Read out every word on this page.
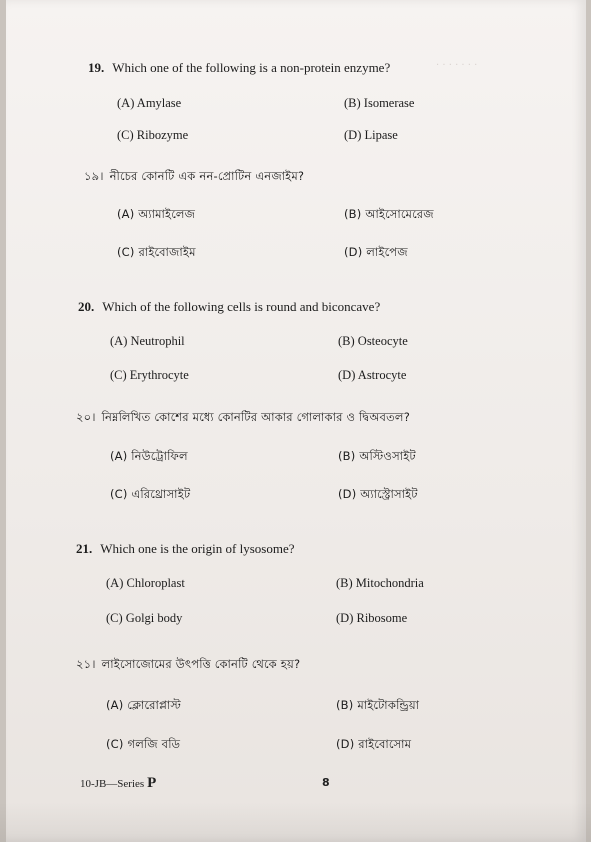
· · · · · · ·
19. Which one of the following is a non-protein enzyme?
(A) Amylase	(B) Isomerase
(C) Ribozyme	(D) Lipase
১৯। নীচের কোনটি এক নন-প্রোটিন এনজাইম?
(A) অ্যামাইলেজ	(B) আইসোমেরেজ
(C) রাইবোজাইম	(D) লাইপেজ
20. Which of the following cells is round and biconcave?
(A) Neutrophil	(B) Osteocyte
(C) Erythrocyte	(D) Astrocyte
২০। নিম্নলিখিত কোশের মধ্যে কোনটির আকার গোলাকার ও দ্বিঅবতল?
(A) নিউট্রোফিল	(B) অস্টিওসাইট
(C) এরিথ্রোসাইট	(D) অ্যাস্ট্রোসাইট
21. Which one is the origin of lysosome?
(A) Chloroplast	(B) Mitochondria
(C) Golgi body	(D) Ribosome
২১। লাইসোজোমের উৎপত্তি কোনটি থেকে হয়?
(A) ক্লোরোপ্লাস্ট	(B) মাইটোকন্ড্রিয়া
(C) গলজি বডি	(D) রাইবোসোম
10-JB—Series P	8
